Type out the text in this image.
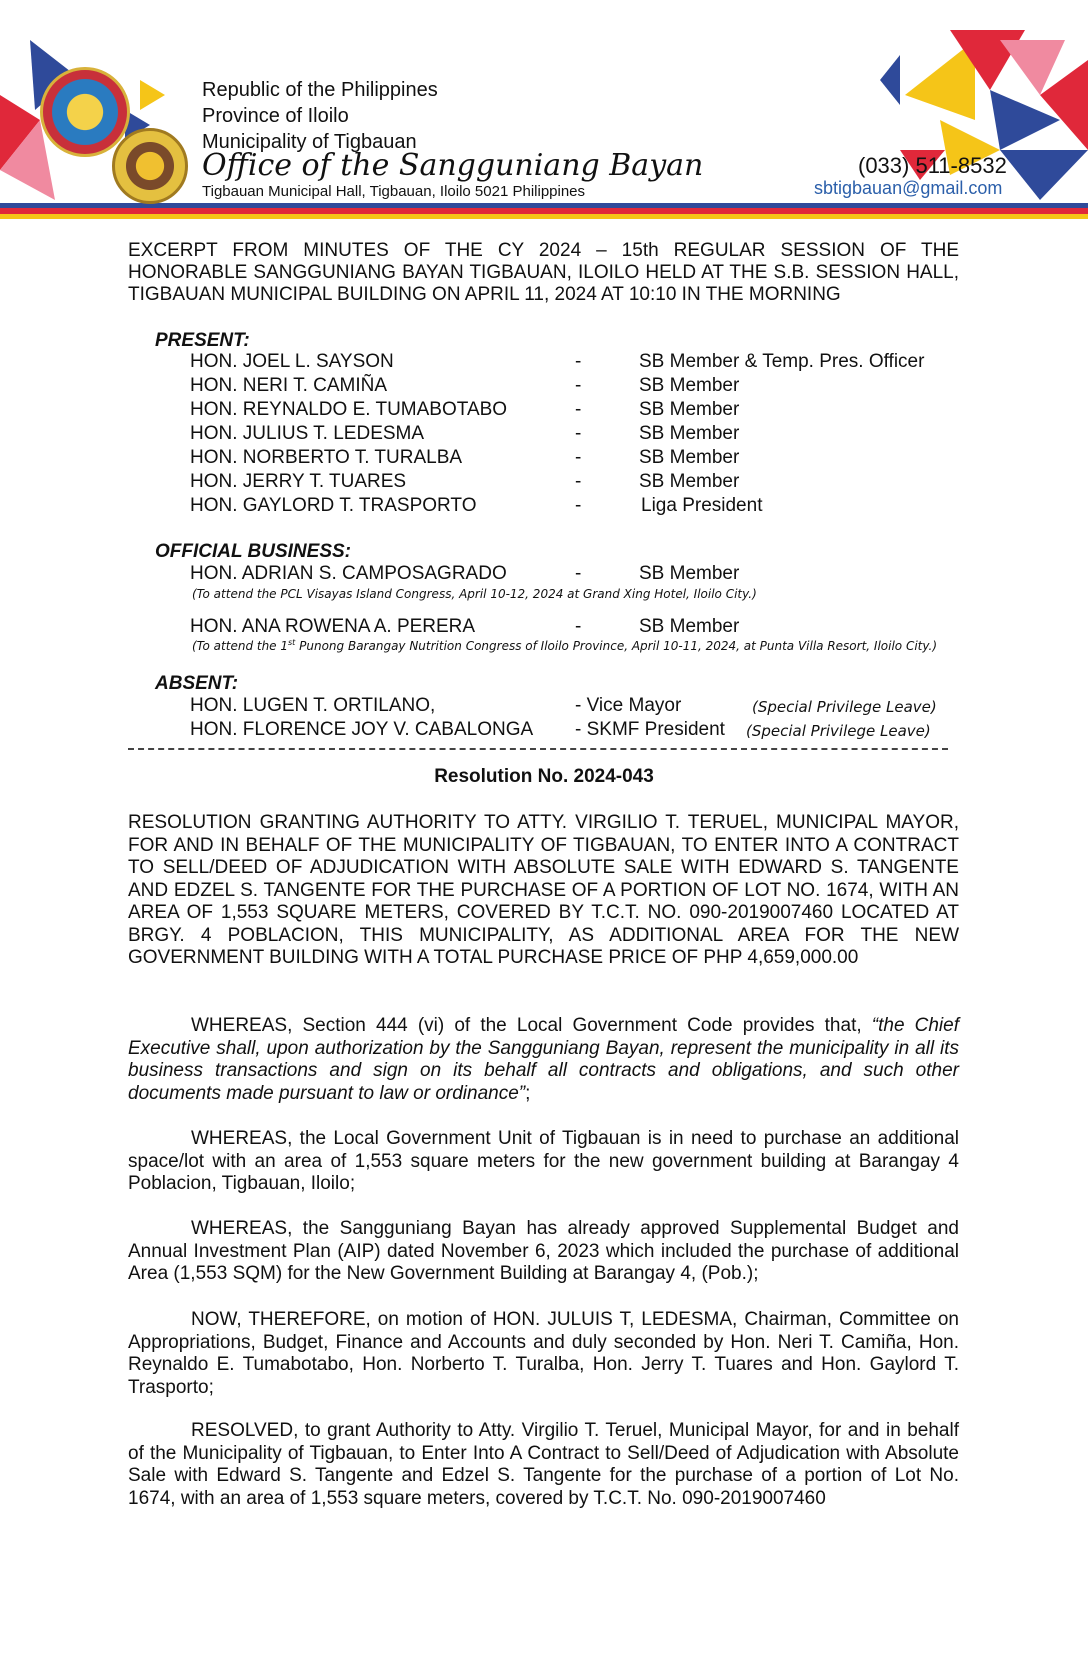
Republic of the Philippines
Province of Iloilo
Municipality of Tigbauan
Office of the Sangguniang Bayan
Tigbauan Municipal Hall, Tigbauan, Iloilo 5021 Philippines
(033) 511-8532
sbtigbauan@gmail.com
EXCERPT FROM MINUTES OF THE CY 2024 – 15th REGULAR SESSION OF THE HONORABLE SANGGUNIANG BAYAN TIGBAUAN, ILOILO HELD AT THE S.B. SESSION HALL, TIGBAUAN MUNICIPAL BUILDING ON APRIL 11, 2024 AT 10:10 IN THE MORNING
PRESENT:
HON. JOEL L. SAYSON	-	SB Member & Temp. Pres. Officer
HON. NERI T. CAMIÑA	-	SB Member
HON. REYNALDO E. TUMABOTABO	-	SB Member
HON. JULIUS T. LEDESMA	-	SB Member
HON. NORBERTO T. TURALBA	-	SB Member
HON. JERRY T. TUARES	-	SB Member
HON. GAYLORD T. TRASPORTO	-	Liga President
OFFICIAL BUSINESS:
HON. ADRIAN S. CAMPOSAGRADO	-	SB Member
(To attend the PCL Visayas Island Congress, April 10-12, 2024 at Grand Xing Hotel, Iloilo City.)
HON. ANA ROWENA A. PERERA	-	SB Member
(To attend the 1st Punong Barangay Nutrition Congress of Iloilo Province, April 10-11, 2024, at Punta Villa Resort, Iloilo City.)
ABSENT:
HON. LUGEN T. ORTILANO,	- Vice Mayor	(Special Privilege Leave)
HON. FLORENCE JOY V. CABALONGA - SKMF President (Special Privilege Leave)
Resolution No. 2024-043
RESOLUTION GRANTING AUTHORITY TO ATTY. VIRGILIO T. TERUEL, MUNICIPAL MAYOR, FOR AND IN BEHALF OF THE MUNICIPALITY OF TIGBAUAN, TO ENTER INTO A CONTRACT TO SELL/DEED OF ADJUDICATION WITH ABSOLUTE SALE WITH EDWARD S. TANGENTE AND EDZEL S. TANGENTE FOR THE PURCHASE OF A PORTION OF LOT NO. 1674, WITH AN AREA OF 1,553 SQUARE METERS, COVERED BY T.C.T. NO. 090-2019007460 LOCATED AT BRGY. 4 POBLACION, THIS MUNICIPALITY, AS ADDITIONAL AREA FOR THE NEW GOVERNMENT BUILDING WITH A TOTAL PURCHASE PRICE OF PHP 4,659,000.00
WHEREAS, Section 444 (vi) of the Local Government Code provides that, “the Chief Executive shall, upon authorization by the Sangguniang Bayan, represent the municipality in all its business transactions and sign on its behalf all contracts and obligations, and such other documents made pursuant to law or ordinance”;
WHEREAS, the Local Government Unit of Tigbauan is in need to purchase an additional space/lot with an area of 1,553 square meters for the new government building at Barangay 4 Poblacion, Tigbauan, Iloilo;
WHEREAS, the Sangguniang Bayan has already approved Supplemental Budget and Annual Investment Plan (AIP) dated November 6, 2023 which included the purchase of additional Area (1,553 SQM) for the New Government Building at Barangay 4, (Pob.);
NOW, THEREFORE, on motion of HON. JULUIS T, LEDESMA, Chairman, Committee on Appropriations, Budget, Finance and Accounts and duly seconded by Hon. Neri T. Camiña, Hon. Reynaldo E. Tumabotabo, Hon. Norberto T. Turalba, Hon. Jerry T. Tuares and Hon. Gaylord T. Trasporto;
RESOLVED, to grant Authority to Atty. Virgilio T. Teruel, Municipal Mayor, for and in behalf of the Municipality of Tigbauan, to Enter Into A Contract to Sell/Deed of Adjudication with Absolute Sale with Edward S. Tangente and Edzel S. Tangente for the purchase of a portion of Lot No. 1674, with an area of 1,553 square meters, covered by T.C.T. No. 090-2019007460
